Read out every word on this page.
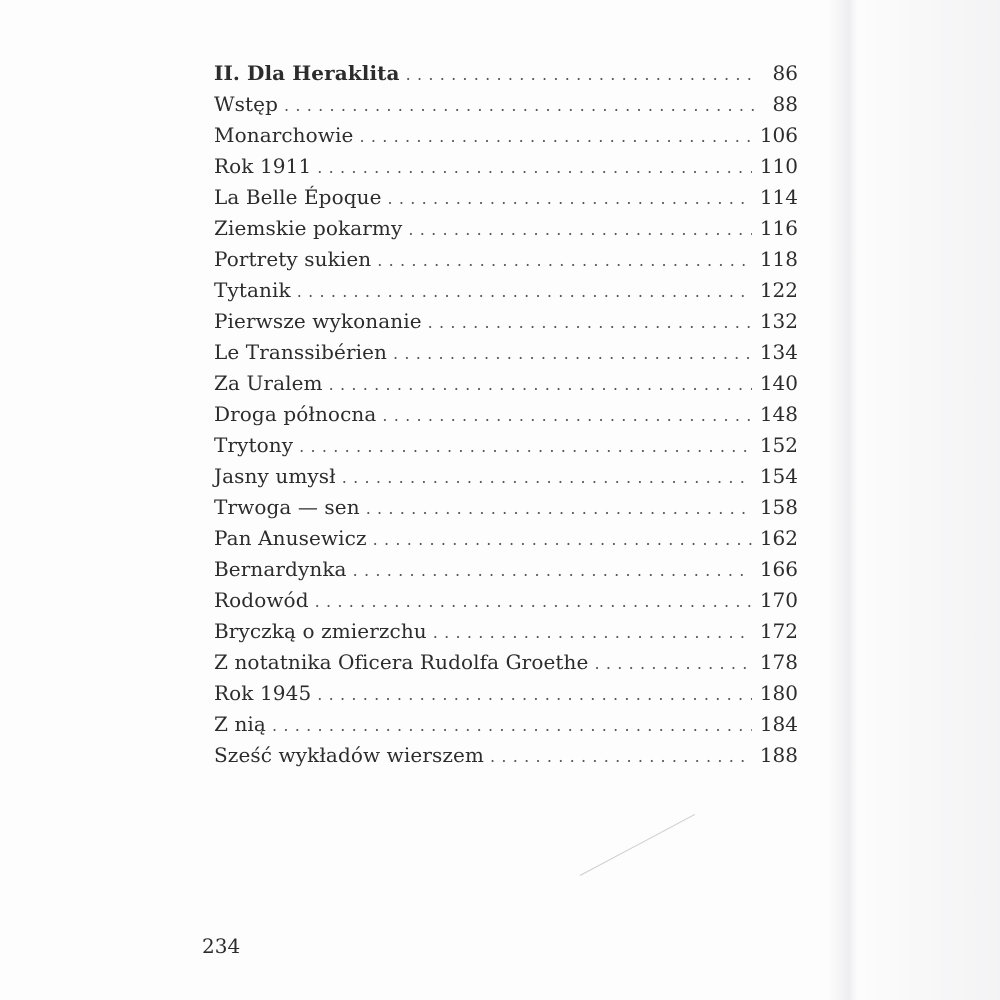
II. Dla Heraklita . . .	86
Wstęp . . .	88
Monarchowie . . .	106
Rok 1911 . . .	110
La Belle Époque . . .	114
Ziemskie pokarmy . . .	116
Portrety sukien . . .	118
Tytanik . . .	122
Pierwsze wykonanie . . .	132
Le Transsibérien . . .	134
Za Uralem . . .	140
Droga północna . . .	148
Trytony . . .	152
Jasny umysł . . .	154
Trwoga — sen . . .	158
Pan Anusewicz . . .	162
Bernardynka . . .	166
Rodowód . . .	170
Bryczką o zmierzchu . . .	172
Z notatnika Oficera Rudolfa Groethe . . .	178
Rok 1945 . . .	180
Z nią . . .	184
Sześć wykładów wierszem . . .	188
234
